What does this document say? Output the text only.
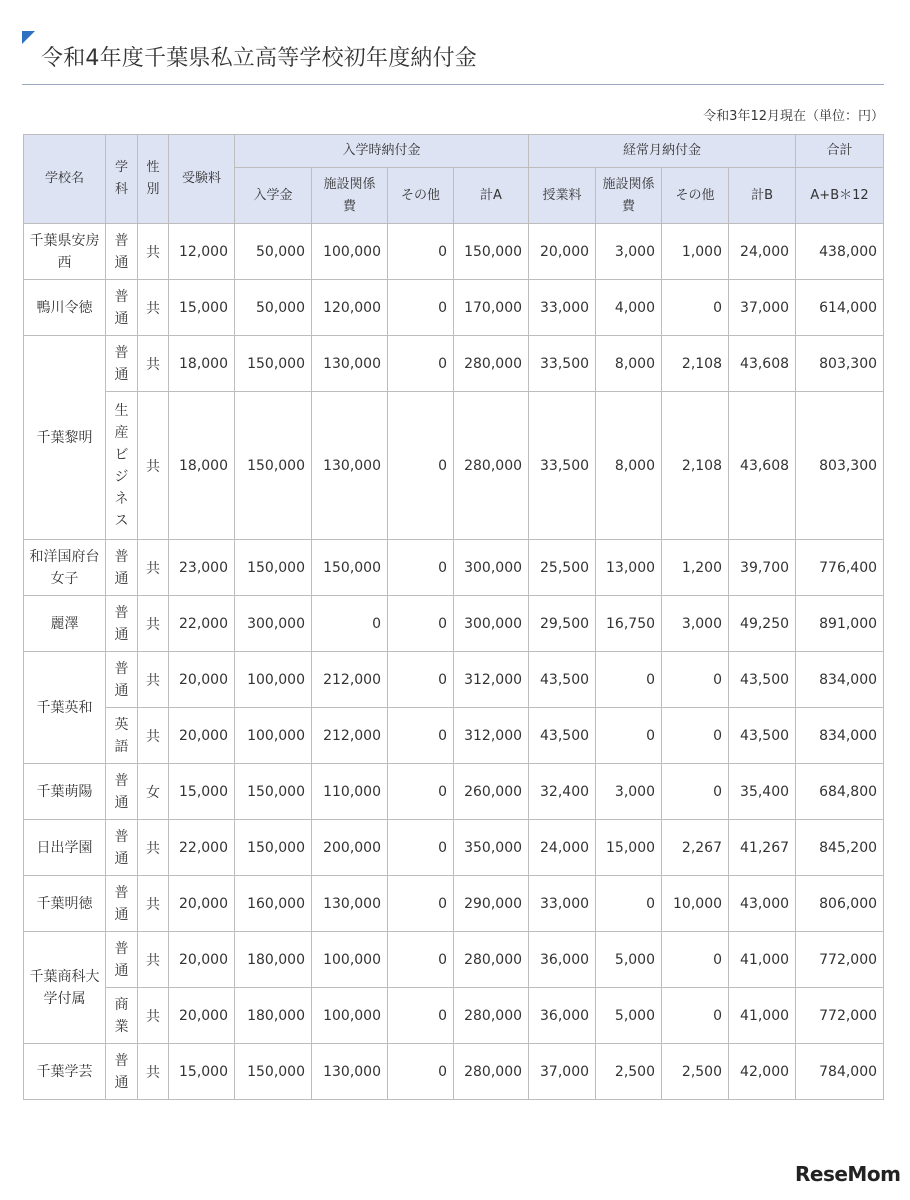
令和4年度千葉県私立高等学校初年度納付金
令和3年12月現在（単位：円）
学校名	学科	性別	受験料	入学時納付金				経常月納付金				合計
				入学金	施設関係費	その他	計A	授業料	施設関係費	その他	計B	A+B＊12
千葉県安房西	普通	共	12,000	50,000	100,000	0	150,000	20,000	3,000	1,000	24,000	438,000
鴨川令徳	普通	共	15,000	50,000	120,000	0	170,000	33,000	4,000	0	37,000	614,000
千葉黎明	普通	共	18,000	150,000	130,000	0	280,000	33,500	8,000	2,108	43,608	803,300
	生産ビジネス	共	18,000	150,000	130,000	0	280,000	33,500	8,000	2,108	43,608	803,300
和洋国府台女子	普通	共	23,000	150,000	150,000	0	300,000	25,500	13,000	1,200	39,700	776,400
麗澤	普通	共	22,000	300,000	0	0	300,000	29,500	16,750	3,000	49,250	891,000
千葉英和	普通	共	20,000	100,000	212,000	0	312,000	43,500	0	0	43,500	834,000
	英語	共	20,000	100,000	212,000	0	312,000	43,500	0	0	43,500	834,000
千葉萌陽	普通	女	15,000	150,000	110,000	0	260,000	32,400	3,000	0	35,400	684,800
日出学園	普通	共	22,000	150,000	200,000	0	350,000	24,000	15,000	2,267	41,267	845,200
千葉明徳	普通	共	20,000	160,000	130,000	0	290,000	33,000	0	10,000	43,000	806,000
千葉商科大学付属	普通	共	20,000	180,000	100,000	0	280,000	36,000	5,000	0	41,000	772,000
	商業	共	20,000	180,000	100,000	0	280,000	36,000	5,000	0	41,000	772,000
千葉学芸	普通	共	15,000	150,000	130,000	0	280,000	37,000	2,500	2,500	42,000	784,000
ReseMom
